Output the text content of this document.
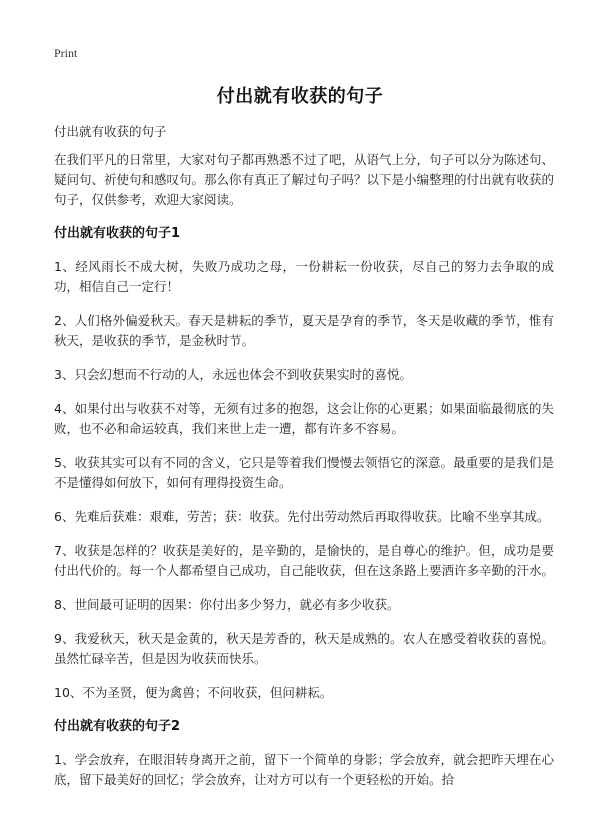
Print
付出就有收获的句子
付出就有收获的句子

在我们平凡的日常里，大家对句子都再熟悉不过了吧，从语气上分，句子可以分为陈述句、疑问句、祈使句和感叹句。那么你有真正了解过句子吗？以下是小编整理的付出就有收获的句子，仅供参考，欢迎大家阅读。

付出就有收获的句子1

1、经风雨长不成大树，失败乃成功之母，一份耕耘一份收获，尽自己的努力去争取的成功，相信自己一定行！

2、人们格外偏爱秋天。春天是耕耘的季节，夏天是孕育的季节，冬天是收藏的季节，惟有秋天，是收获的季节，是金秋时节。

3、只会幻想而不行动的人，永远也体会不到收获果实时的喜悦。

4、如果付出与收获不对等，无须有过多的抱怨，这会让你的心更累；如果面临最彻底的失败，也不必和命运较真，我们来世上走一遭，都有许多不容易。

5、收获其实可以有不同的含义，它只是等着我们慢慢去领悟它的深意。最重要的是我们是不是懂得如何放下，如何有理得投资生命。

6、先难后获难：艰难，劳苦；获：收获。先付出劳动然后再取得收获。比喻不坐享其成。

7、收获是怎样的？收获是美好的，是辛勤的，是愉快的，是自尊心的维护。但，成功是要付出代价的。每一个人都希望自己成功，自己能收获，但在这条路上要洒许多辛勤的汗水。

8、世间最可证明的因果：你付出多少努力，就必有多少收获。

9、我爱秋天，秋天是金黄的，秋天是芳香的，秋天是成熟的。农人在感受着收获的喜悦。虽然忙碌辛苦，但是因为收获而快乐。

10、不为圣贤，便为禽兽；不问收获，但问耕耘。

付出就有收获的句子2

1、学会放弃，在眼泪转身离开之前，留下一个简单的身影；学会放弃，就会把昨天埋在心底，留下最美好的回忆；学会放弃，让对方可以有一个更轻松的开始。拾
